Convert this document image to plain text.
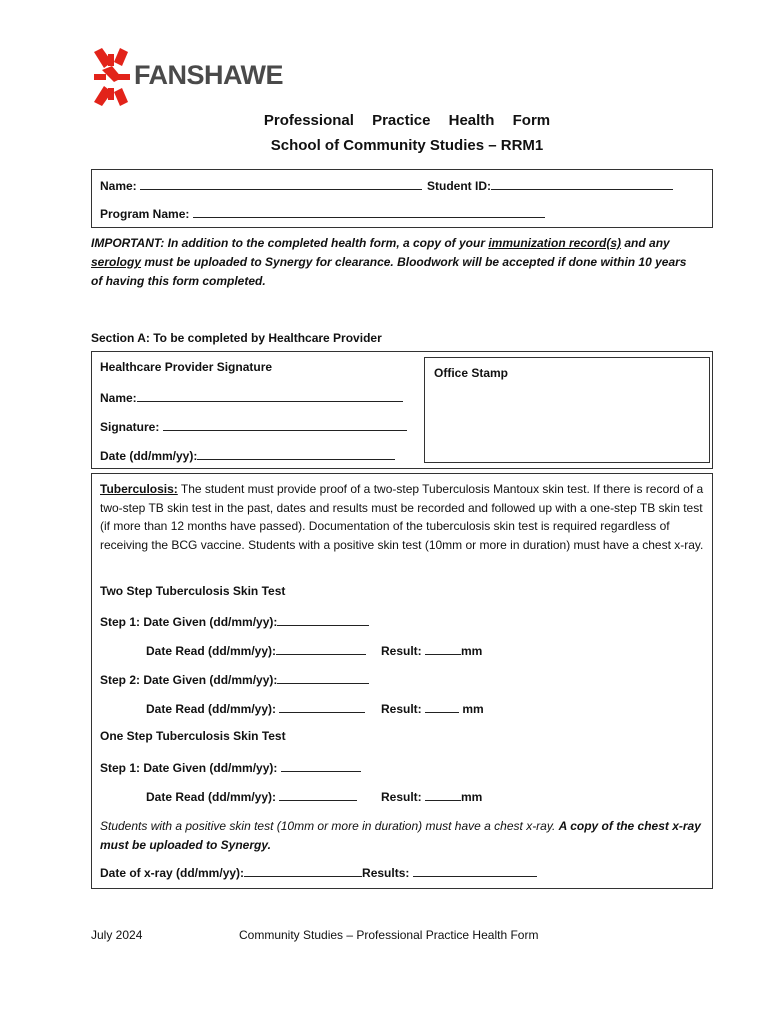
FANSHAWE
Professional Practice Health Form
School of Community Studies – RRM1
Name:	Student ID:
Program Name:
IMPORTANT: In addition to the completed health form, a copy of your immunization record(s) and any serology must be uploaded to Synergy for clearance. Bloodwork will be accepted if done within 10 years of having this form completed.
Section A: To be completed by Healthcare Provider
Healthcare Provider Signature
Name:
Signature:
Date (dd/mm/yy):
Office Stamp
Tuberculosis: The student must provide proof of a two-step Tuberculosis Mantoux skin test. If there is record of a two-step TB skin test in the past, dates and results must be recorded and followed up with a one-step TB skin test (if more than 12 months have passed). Documentation of the tuberculosis skin test is required regardless of receiving the BCG vaccine. Students with a positive skin test (10mm or more in duration) must have a chest x-ray.
Two Step Tuberculosis Skin Test
Step 1: Date Given (dd/mm/yy):
Date Read (dd/mm/yy):	Result:	mm
Step 2: Date Given (dd/mm/yy):
Date Read (dd/mm/yy):	Result:	mm
One Step Tuberculosis Skin Test
Step 1: Date Given (dd/mm/yy):
Date Read (dd/mm/yy):	Result:	mm
Students with a positive skin test (10mm or more in duration) must have a chest x-ray. A copy of the chest x-ray must be uploaded to Synergy.
Date of x-ray (dd/mm/yy):	Results:
July 2024	Community Studies – Professional Practice Health Form
